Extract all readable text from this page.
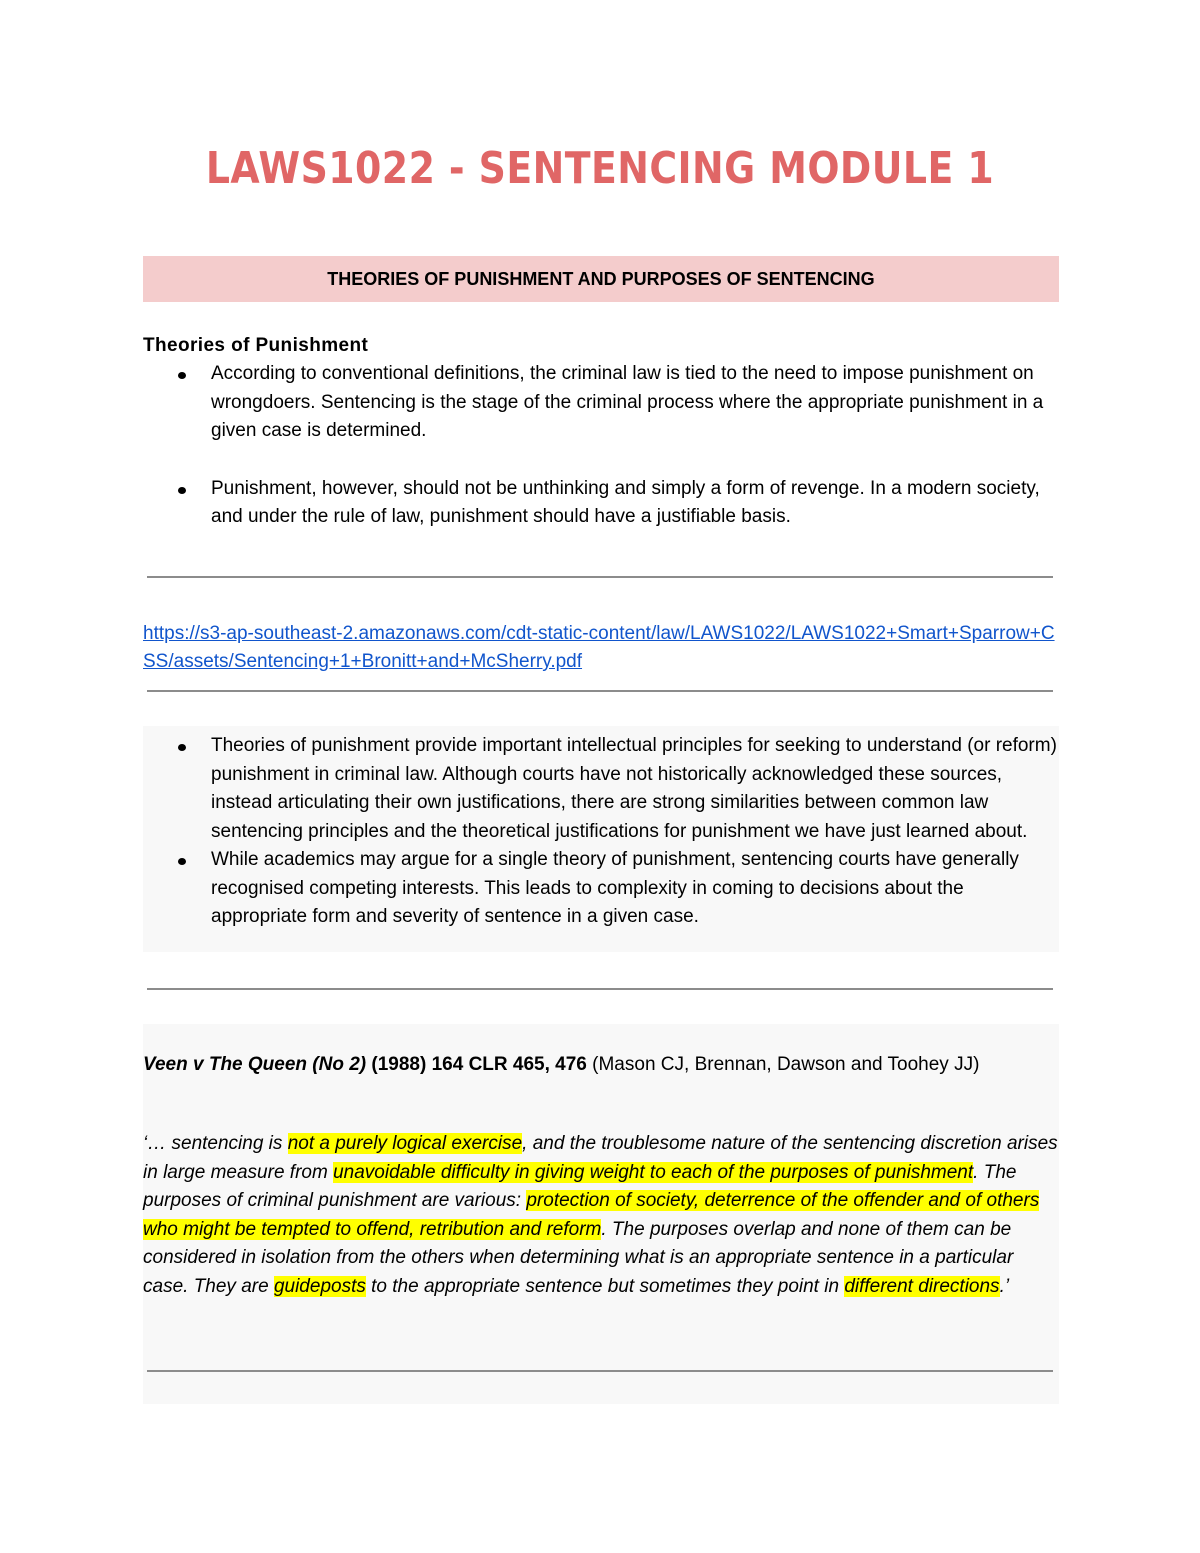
LAWS1022 - SENTENCING MODULE 1
THEORIES OF PUNISHMENT AND PURPOSES OF SENTENCING
Theories of Punishment
According to conventional definitions, the criminal law is tied to the need to impose punishment on wrongdoers. Sentencing is the stage of the criminal process where the appropriate punishment in a given case is determined.
Punishment, however, should not be unthinking and simply a form of revenge. In a modern society, and under the rule of law, punishment should have a justifiable basis.
https://s3-ap-southeast-2.amazonaws.com/cdt-static-content/law/LAWS1022/LAWS1022+Smart+Sparrow+CSS/assets/Sentencing+1+Bronitt+and+McSherry.pdf
Theories of punishment provide important intellectual principles for seeking to understand (or reform) punishment in criminal law. Although courts have not historically acknowledged these sources, instead articulating their own justifications, there are strong similarities between common law sentencing principles and the theoretical justifications for punishment we have just learned about.
While academics may argue for a single theory of punishment, sentencing courts have generally recognised competing interests. This leads to complexity in coming to decisions about the appropriate form and severity of sentence in a given case.
Veen v The Queen (No 2) (1988) 164 CLR 465, 476 (Mason CJ, Brennan, Dawson and Toohey JJ)
‘… sentencing is not a purely logical exercise, and the troublesome nature of the sentencing discretion arises in large measure from unavoidable difficulty in giving weight to each of the purposes of punishment. The purposes of criminal punishment are various: protection of society, deterrence of the offender and of others who might be tempted to offend, retribution and reform. The purposes overlap and none of them can be considered in isolation from the others when determining what is an appropriate sentence in a particular case. They are guideposts to the appropriate sentence but sometimes they point in different directions.’
